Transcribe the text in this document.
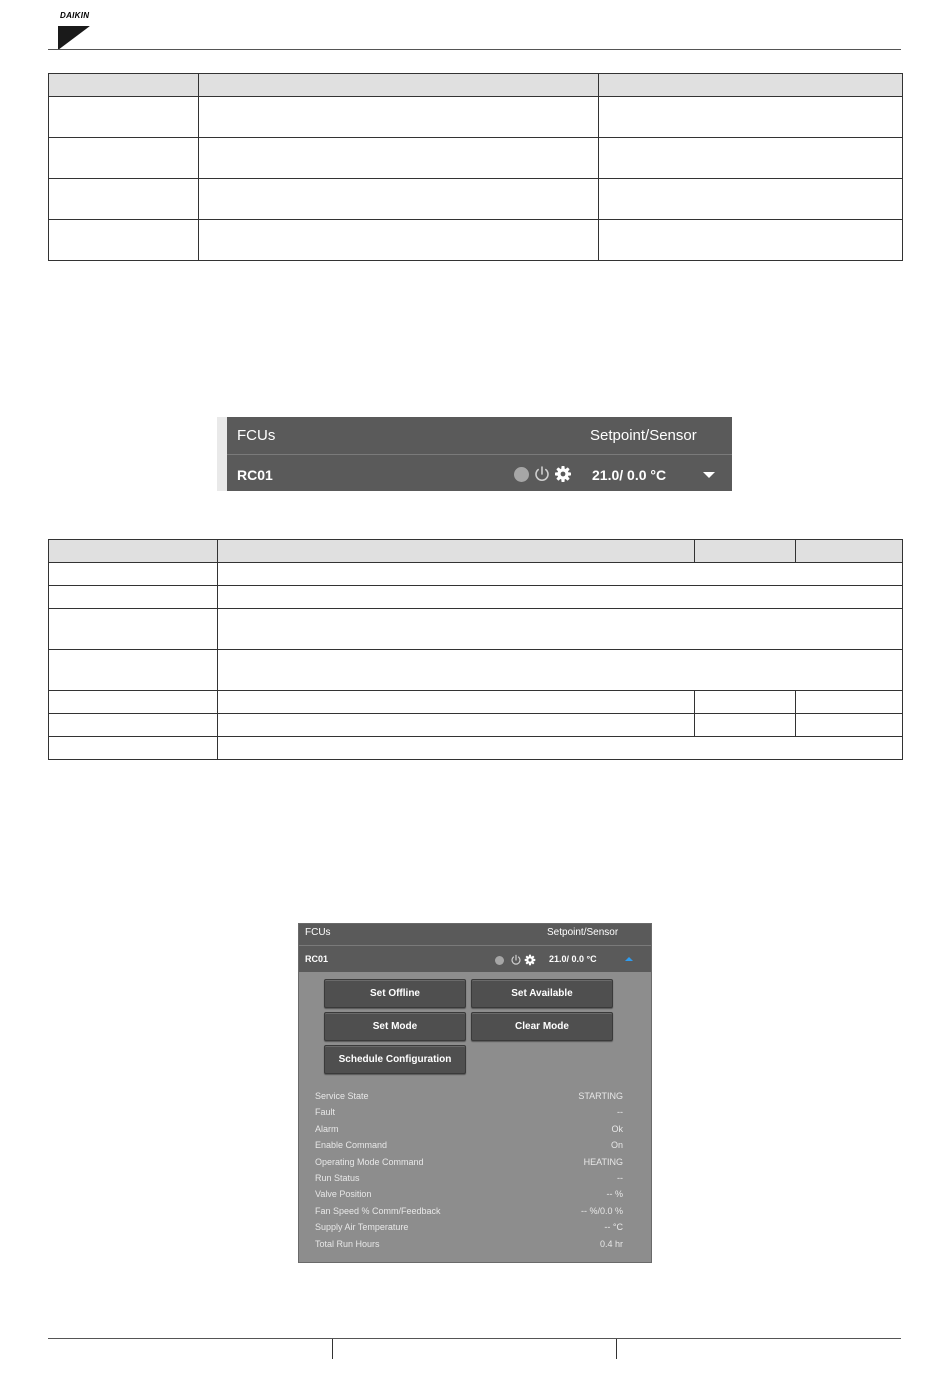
DAIKIN

FCUs	Setpoint/Sensor
RC01	21.0/ 0.0 °C

FCUs	Setpoint/Sensor
RC01	21.0/ 0.0 °C
Set Offline	Set Available
Set Mode	Clear Mode
Schedule Configuration
Service State	STARTING
Fault	--
Alarm	Ok
Enable Command	On
Operating Mode Command	HEATING
Run Status	--
Valve Position	-- %
Fan Speed % Comm/Feedback	-- %/0.0 %
Supply Air Temperature	-- °C
Total Run Hours	0.4 hr
